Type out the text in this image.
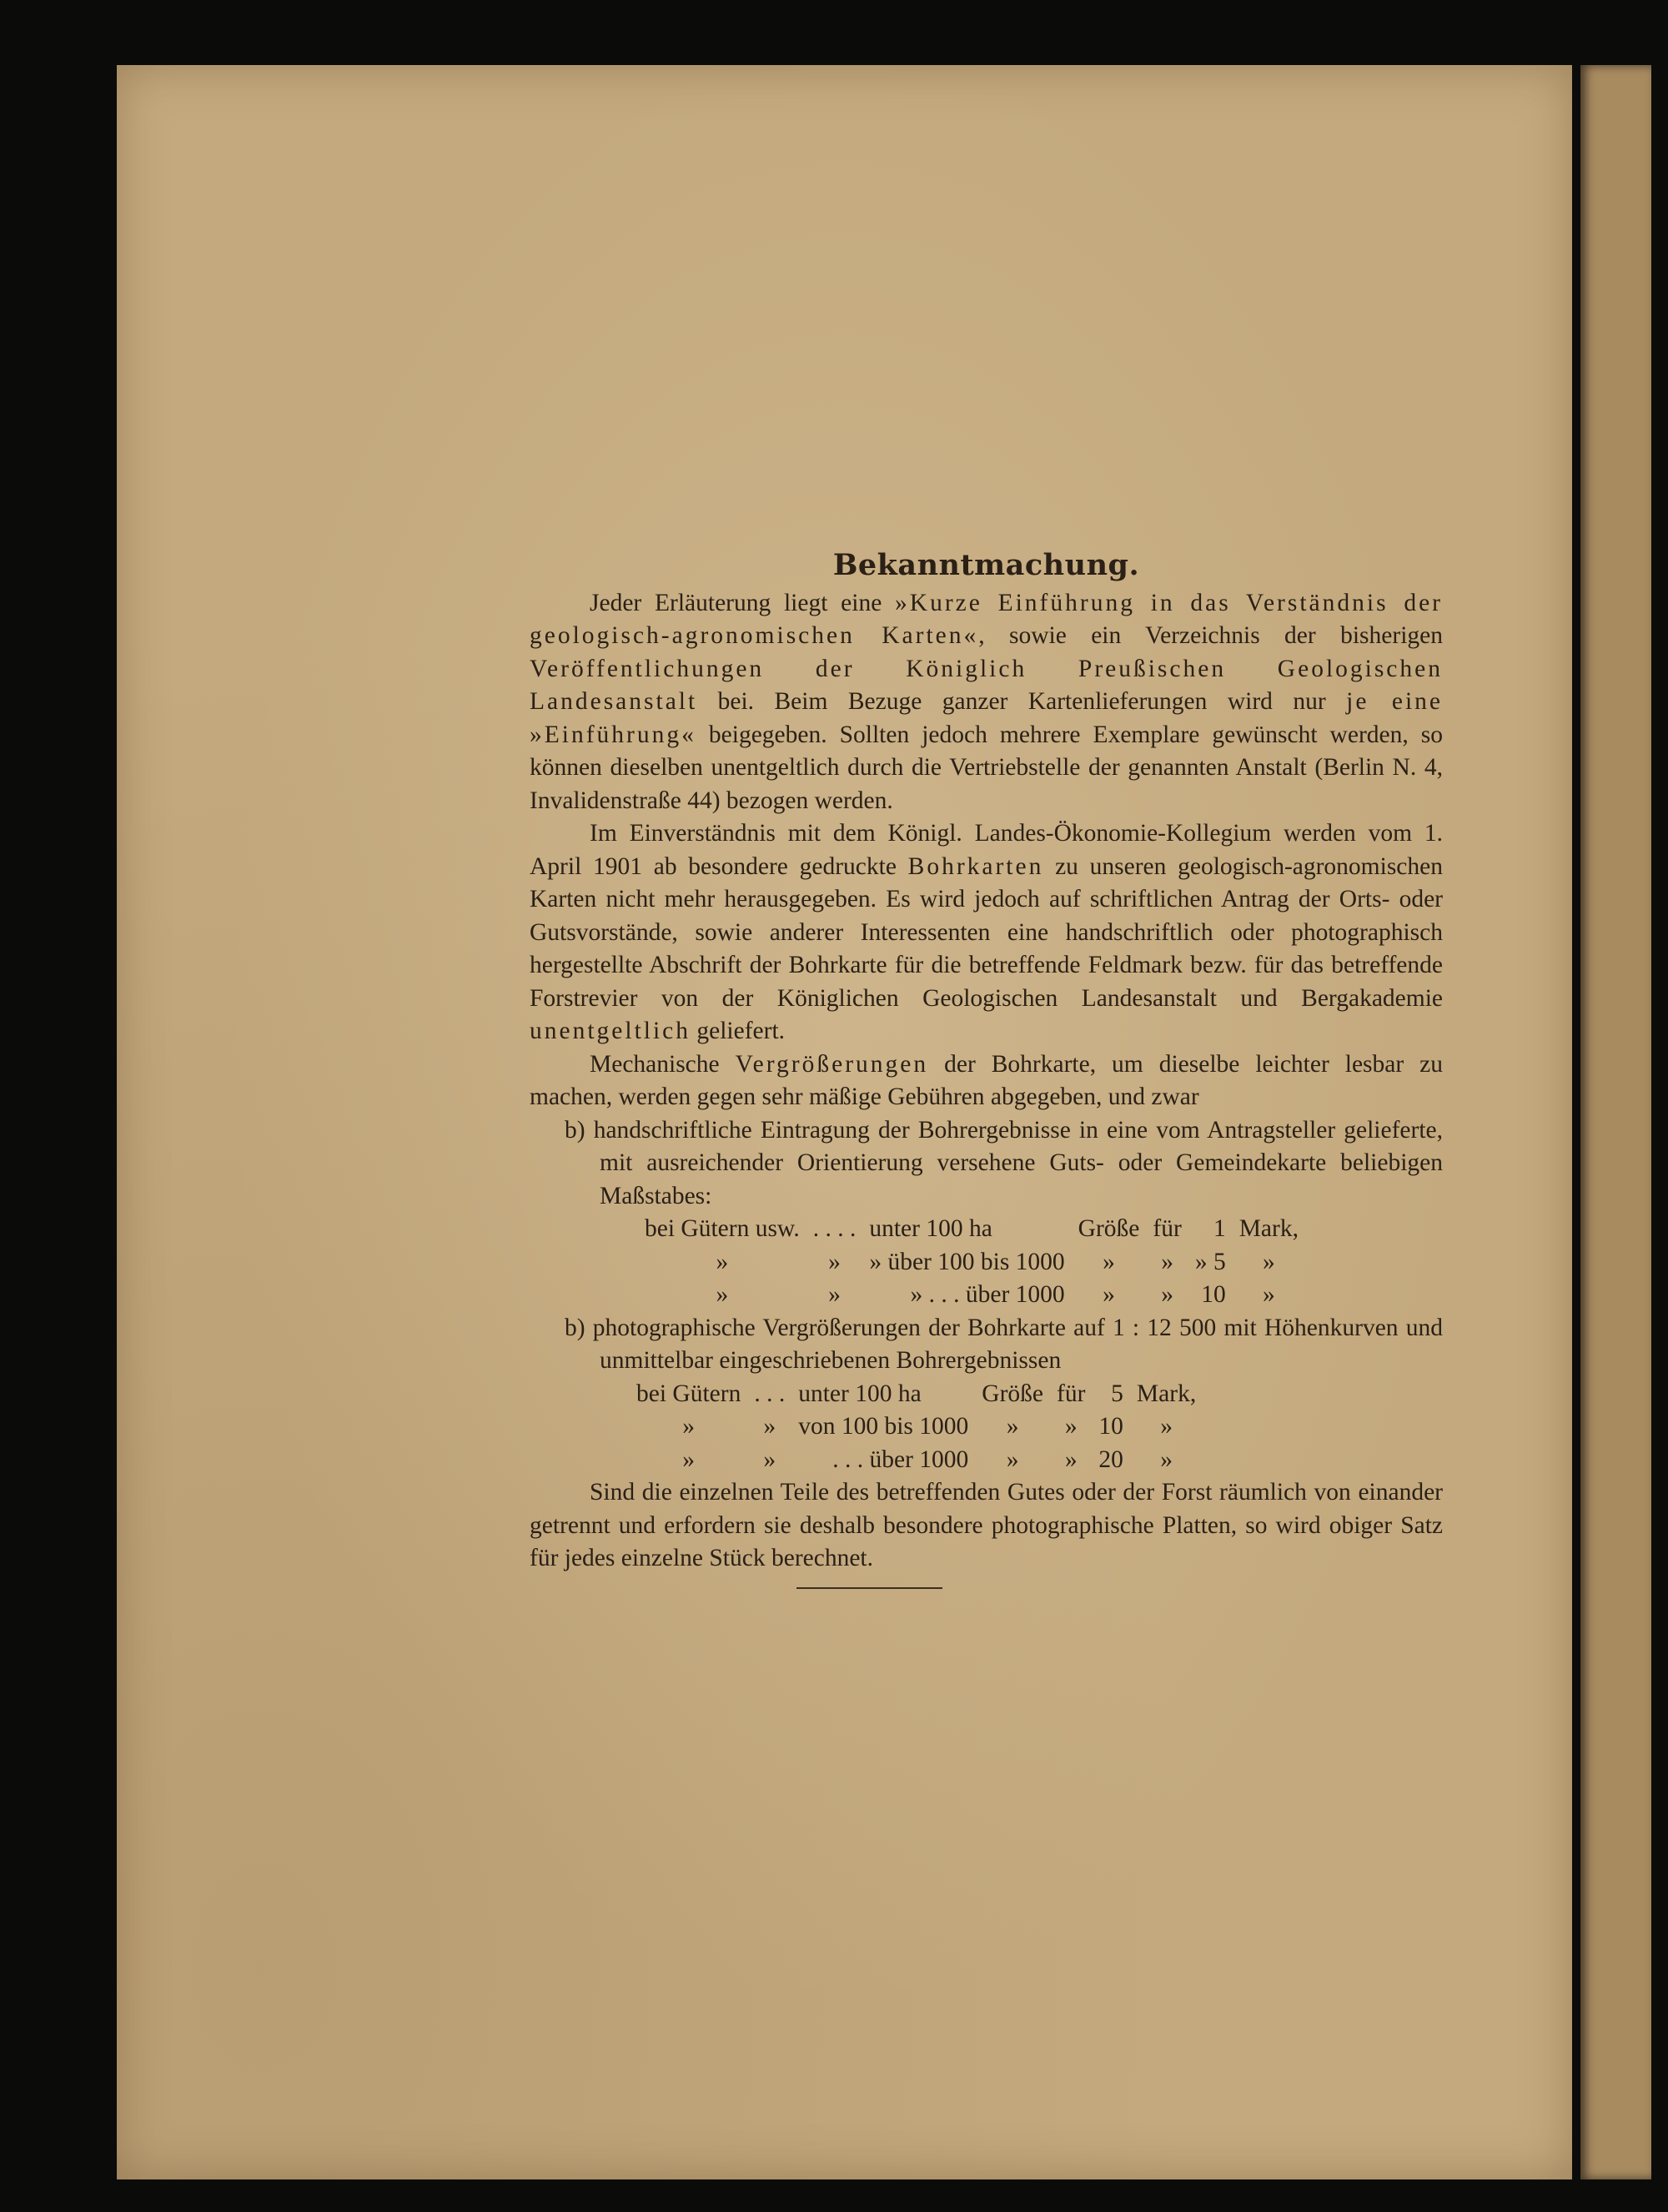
Bekanntmachung.

Jeder Erläuterung liegt eine »Kurze Einführung in das Verständnis der geologisch-agronomischen Karten«, sowie ein Verzeichnis der bisherigen Veröffentlichungen der Königlich Preußischen Geologischen Landesanstalt bei. Beim Bezuge ganzer Kartenlieferungen wird nur je eine »Einführung« beigegeben. Sollten jedoch mehrere Exemplare gewünscht werden, so können dieselben unentgeltlich durch die Vertriebstelle der genannten Anstalt (Berlin N. 4, Invalidenstraße 44) bezogen werden.

Im Einverständnis mit dem Königl. Landes-Ökonomie-Kollegium werden vom 1. April 1901 ab besondere gedruckte Bohrkarten zu unseren geologisch-agronomischen Karten nicht mehr herausgegeben. Es wird jedoch auf schriftlichen Antrag der Orts- oder Gutsvorstände, sowie anderer Interessenten eine handschriftlich oder photographisch hergestellte Abschrift der Bohrkarte für die betreffende Feldmark bezw. für das betreffende Forstrevier von der Königlichen Geologischen Landesanstalt und Bergakademie unentgeltlich geliefert.

Mechanische Vergrößerungen der Bohrkarte, um dieselbe leichter lesbar zu machen, werden gegen sehr mäßige Gebühren abgegeben, und zwar

b) handschriftliche Eintragung der Bohrergebnisse in eine vom Antragsteller gelieferte, mit ausreichender Orientierung versehene Guts- oder Gemeindekarte beliebigen Maßstabes:
bei Gütern usw.	. . . .	unter 100 ha	Größe	für	1	Mark,
»	»	» über 100 bis 1000	»	»	» 5	»
»	»	» . . . über 1000	»	»	10	»
b) photographische Vergrößerungen der Bohrkarte auf 1 : 12 500 mit Höhenkurven und unmittelbar eingeschriebenen Bohrergebnissen
bei Gütern	. . .	unter 100 ha	Größe	für	5	Mark,
»	»	von 100 bis 1000	»	»	10	»
»	»	. . . über 1000	»	»	20	»

Sind die einzelnen Teile des betreffenden Gutes oder der Forst räumlich von einander getrennt und erfordern sie deshalb besondere photographische Platten, so wird obiger Satz für jedes einzelne Stück berechnet.
